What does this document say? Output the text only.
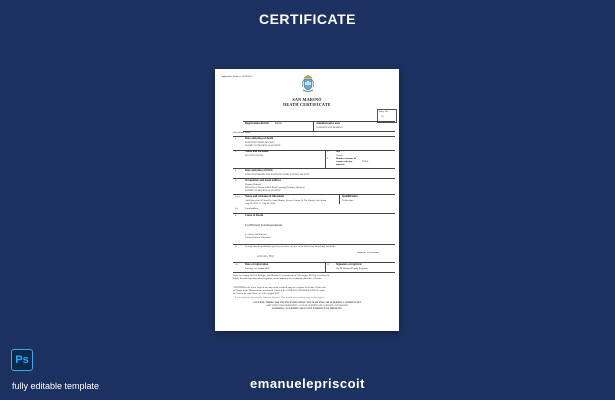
CERTIFICATE
Application Number: 1102910-1
SAN MARINO
DEATH CERTIFICATE
Entry No.
10
Registration district Kerne	Administrative area
FALKSON SAN MARINO
Sub-district Lodes
1.	Date and place of death
SEVENTH FEBRUARY 2022
BARBICAN REGIONAL SOCIETY
2.	Name and surname
LUCIANO PARIS
3.	Sex
Female
4.	Maiden surname of woman who has married
NOLE
5.	Date and place of birth
22ND NOVEMBER 1950 PASTRION PORK SAN MA SOCIETY
6.	Occupation and usual address
Dentist (Retired)
FIBAS No.1 Piazza St.Bell Road Crossing Dentistry (Retired)
BARBICAN REGIONAL SOCIETY
7.(a) Name and surname of informant
Arti Ruhen van 10 Sans Ko, Sans Marino, Recent County Or The Family And Avatar
Aug 02, 2022 17. Aug 09. 2022
Qualification
Of the place
(c)	Usual address
8.	Cause of Death
I (a) Bilateral bronchopneumonia
b. Affected 48 Patients
Verified Patient Vulnerable
9.	I certify that the particulars given by me above are true to the best of my knowledge and belief
Antonio Ruf
Signature of informant
10.	Date of registration
Tuesday, 1st August 2022
11. Signature of registrar
Che'M Richard Deputy Registrar
In the 1st August 2022 in Bellagio, San Marino. Cert produced on 27th August 2022 by Jean Ross St
Public Records Superintendent Registrar, on the authority of a certificate dated the 1 October
CERTIFIED to be a true copy of an entry in the certified copy of a register of Deaths. Held in the
of Deaths in the District above mentioned. Given at the GENERAL REGISTER OFFICE, under
the Seal of the said Office on: 12th August 2022
* See a certificate given by the Superior Register. This should be a certified copy of this register
CAUTION: THERE ARE OFFENCES RELATING TO FALSIFYING OR ALTERING A CERTIFICATE
AND USING OR POSSESSING A FALSE CERTIFICATE (CROWN COPYRIGHT)
WARNING: A CERTIFICATE IS NOT EVIDENCE OF IDENTITY
Ps
fully editable template	emanuelepriscoit
